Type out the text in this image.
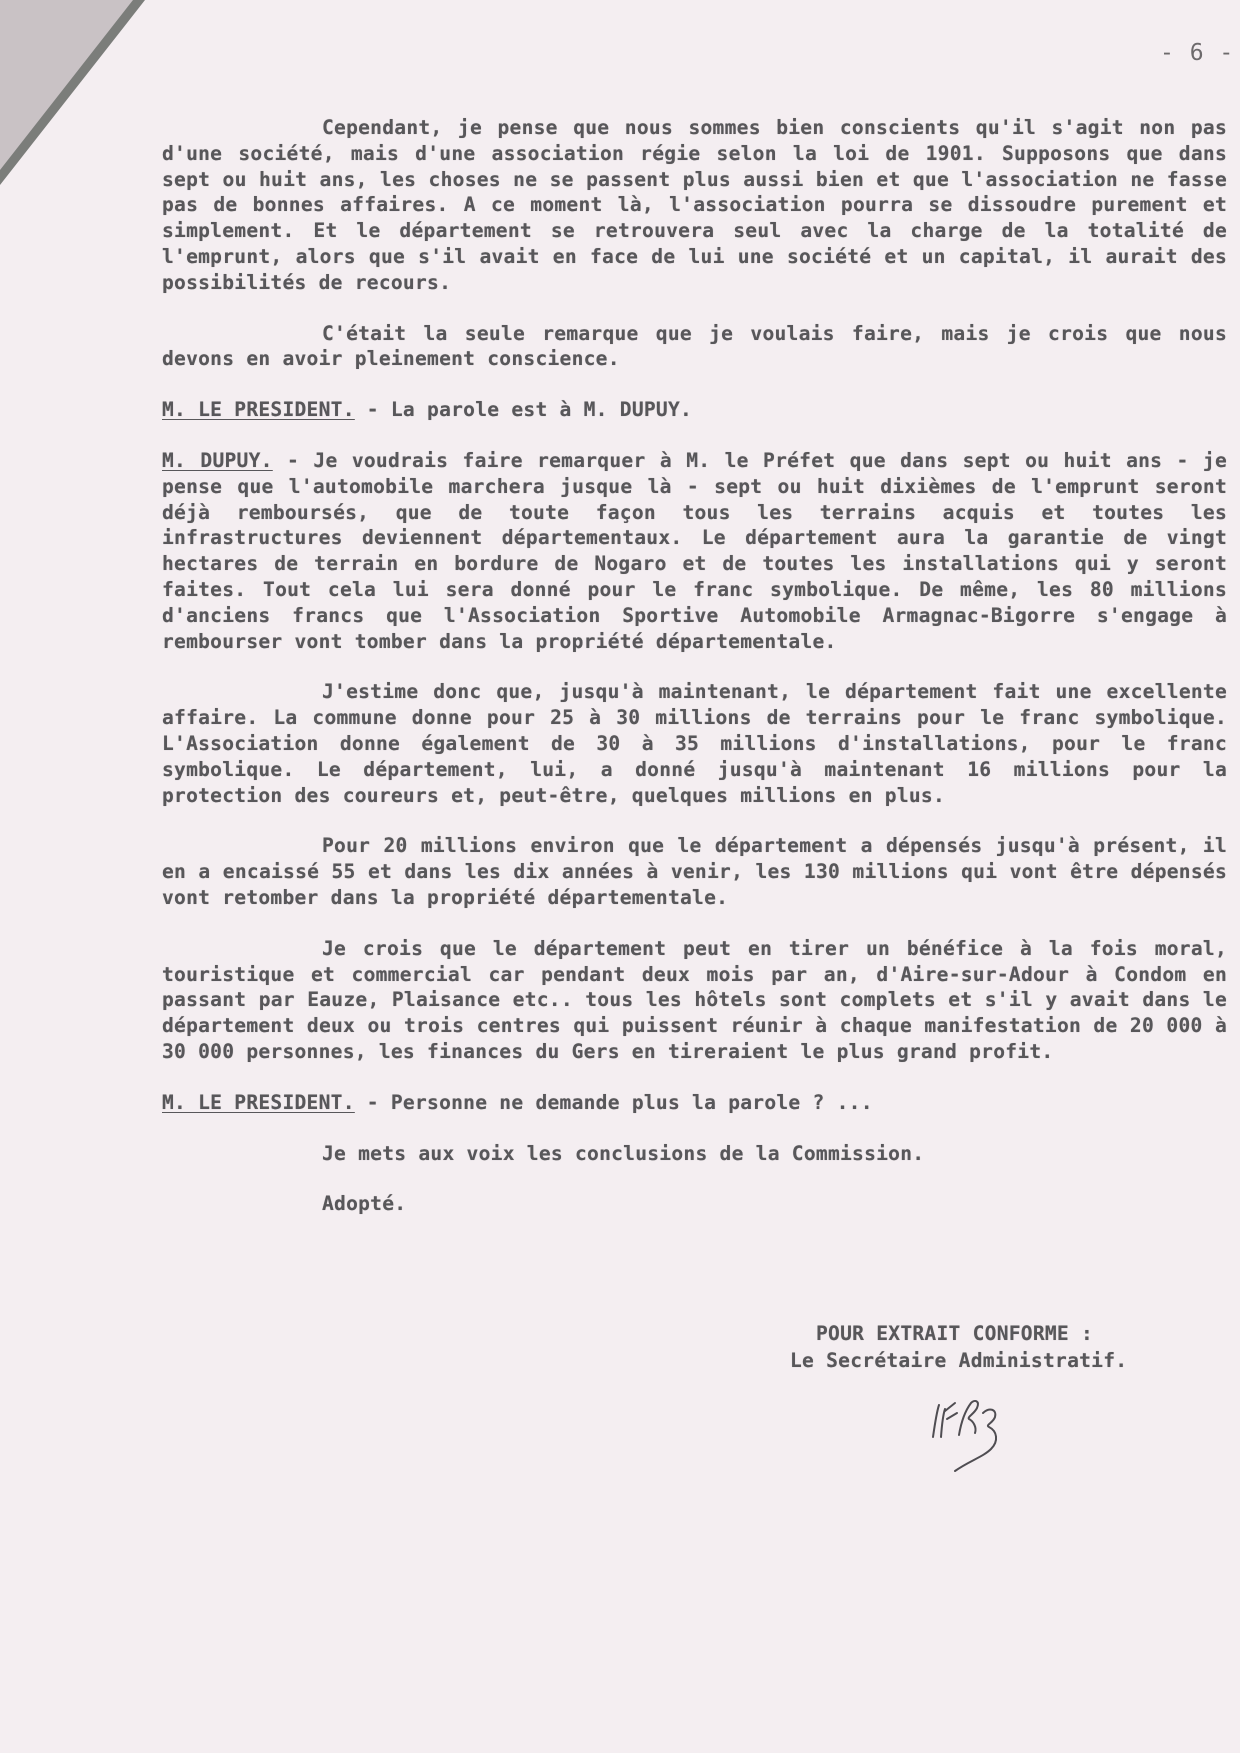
- 6 -

Cependant, je pense que nous sommes bien conscients qu'il s'agit non pas d'une société, mais d'une association régie selon la loi de 1901. Supposons que dans sept ou huit ans, les choses ne se passent plus aussi bien et que l'association ne fasse pas de bonnes affaires. A ce moment là, l'association pourra se dissoudre purement et simplement. Et le département se retrouvera seul avec la charge de la totalité de l'emprunt, alors que s'il avait en face de lui une société et un capital, il aurait des possibilités de recours.

C'était la seule remarque que je voulais faire, mais je crois que nous devons en avoir pleinement conscience.

M. LE PRESIDENT. - La parole est à M. DUPUY.

M. DUPUY. - Je voudrais faire remarquer à M. le Préfet que dans sept ou huit ans - je pense que l'automobile marchera jusque là - sept ou huit dixièmes de l'emprunt seront déjà remboursés, que de toute façon tous les terrains acquis et toutes les infrastructures deviennent départementaux. Le département aura la garantie de vingt hectares de terrain en bordure de Nogaro et de toutes les installations qui y seront faites. Tout cela lui sera donné pour le franc symbolique. De même, les 80 millions d'anciens francs que l'Association Sportive Automobile Armagnac-Bigorre s'engage à rembourser vont tomber dans la propriété départementale.

J'estime donc que, jusqu'à maintenant, le département fait une excellente affaire. La commune donne pour 25 à 30 millions de terrains pour le franc symbolique. L'Association donne également de 30 à 35 millions d'installations, pour le franc symbolique. Le département, lui, a donné jusqu'à maintenant 16 millions pour la protection des coureurs et, peut-être, quelques millions en plus.

Pour 20 millions environ que le département a dépensés jusqu'à présent, il en a encaissé 55 et dans les dix années à venir, les 130 millions qui vont être dépensés vont retomber dans la propriété départementale.

Je crois que le département peut en tirer un bénéfice à la fois moral, touristique et commercial car pendant deux mois par an, d'Aire-sur-Adour à Condom en passant par Eauze, Plaisance etc.. tous les hôtels sont complets et s'il y avait dans le département deux ou trois centres qui puissent réunir à chaque manifestation de 20 000 à 30 000 personnes, les finances du Gers en tireraient le plus grand profit.

M. LE PRESIDENT. - Personne ne demande plus la parole ? ...

Je mets aux voix les conclusions de la Commission.

Adopté.

POUR EXTRAIT CONFORME :
Le Secrétaire Administratif.
